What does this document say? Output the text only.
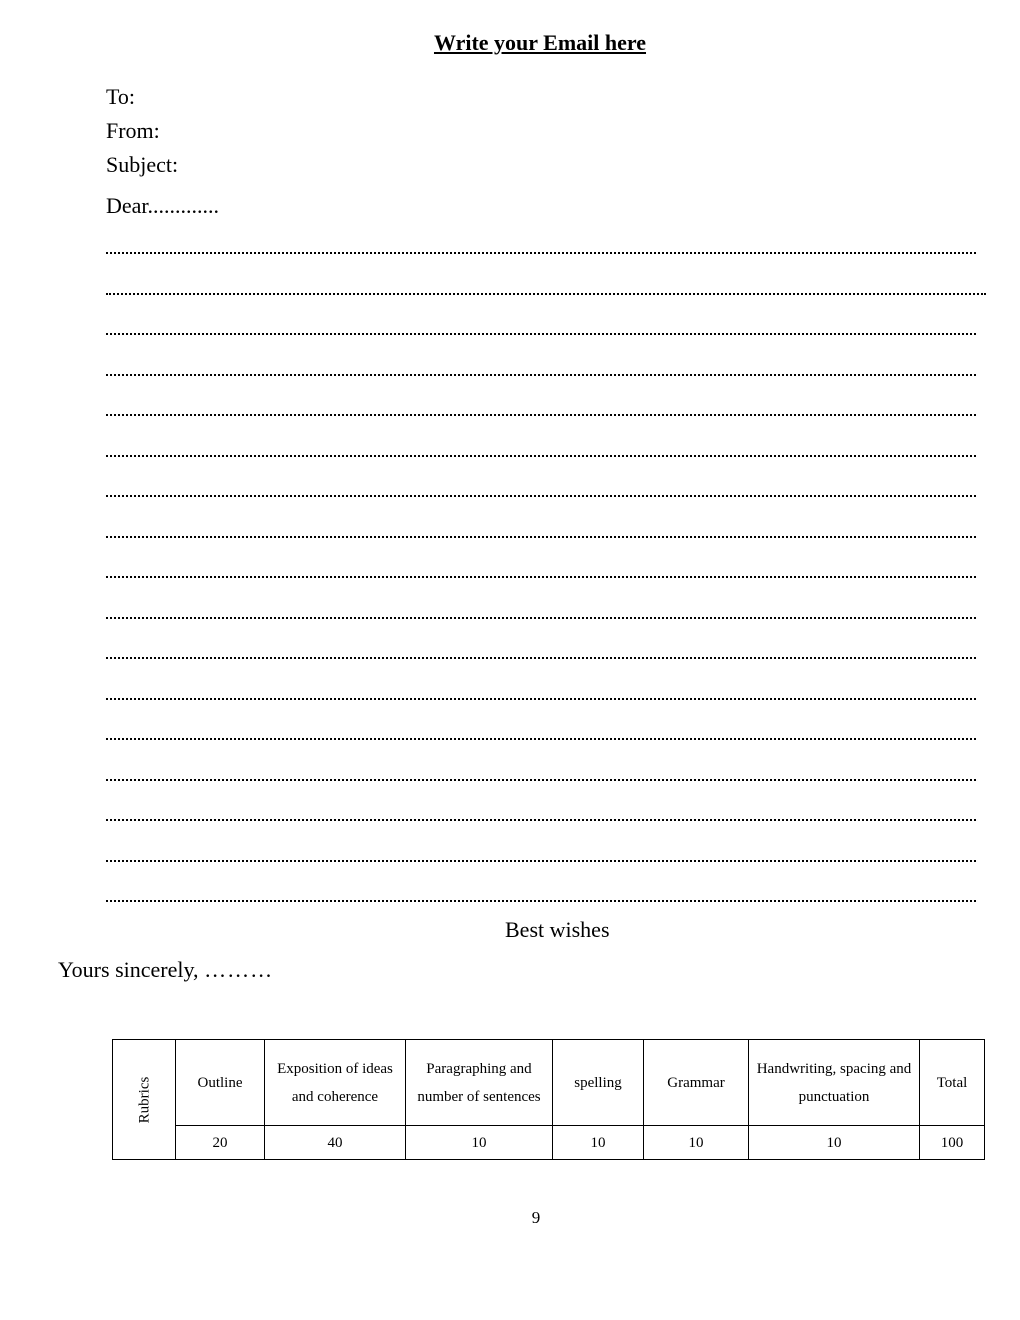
Write your Email here
To:
From:
Subject:
Dear.............
Best wishes
Yours sincerely, ………
Rubrics	Outline	Exposition of ideas and coherence	Paragraphing and number of sentences	spelling	Grammar	Handwriting, spacing and punctuation	Total
	20	40	10	10	10	10	100
9
